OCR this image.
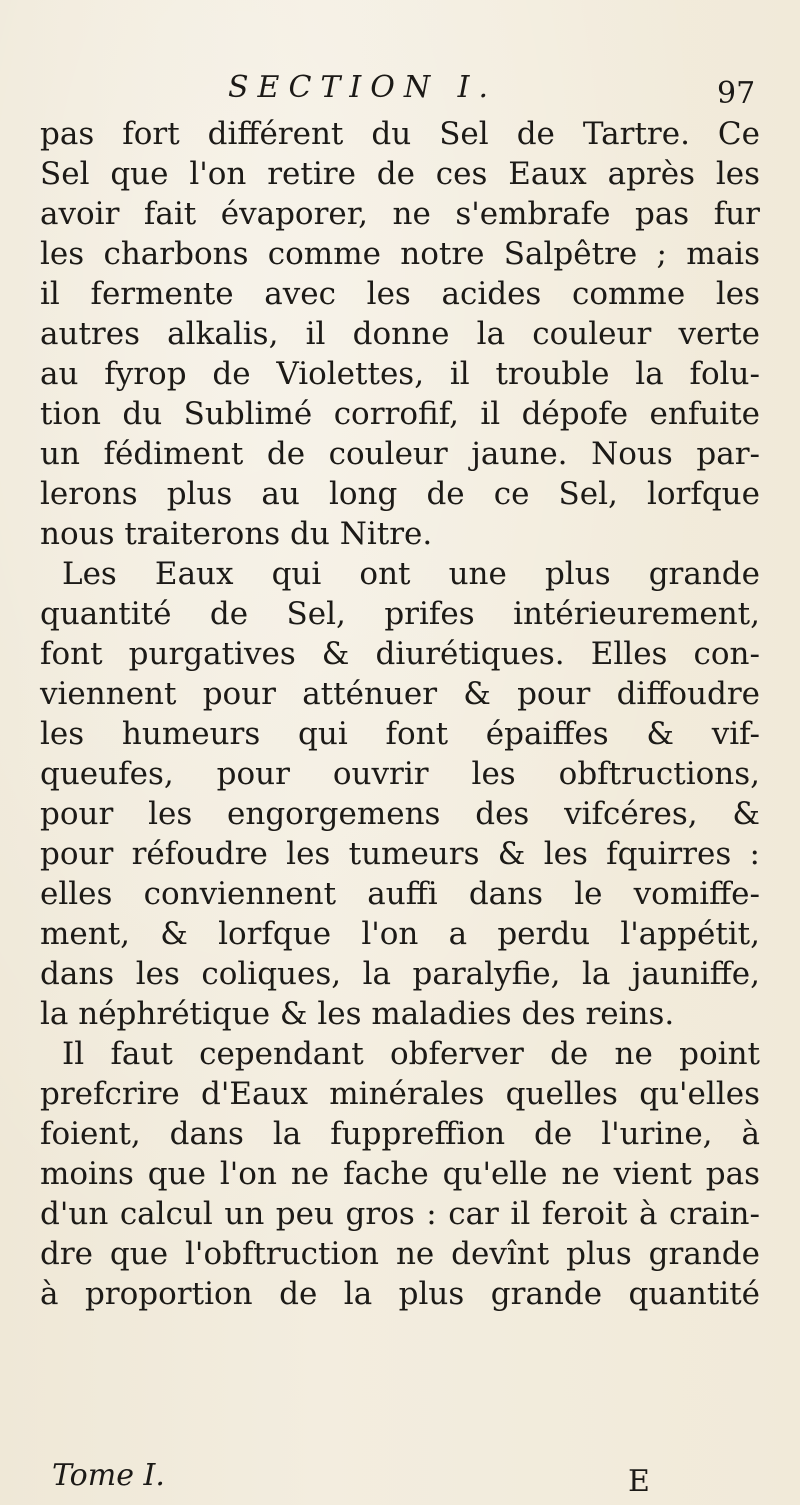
SECTION I.	97
pas fort différent du Sel de Tartre. Ce
Sel que l'on retire de ces Eaux après les
avoir fait évaporer, ne s'embrafe pas fur
les charbons comme notre Salpêtre ; mais
il fermente avec les acides comme les
autres alkalis, il donne la couleur verte
au fyrop de Violettes, il trouble la folu-
tion du Sublimé corrofif, il dépofe enfuite
un fédiment de couleur jaune. Nous par-
lerons plus au long de ce Sel, lorfque
nous traiterons du Nitre.
Les Eaux qui ont une plus grande
quantité de Sel, prifes intérieurement,
font purgatives & diurétiques. Elles con-
viennent pour atténuer & pour diffoudre
les humeurs qui font épaiffes & vif-
queufes, pour ouvrir les obftructions,
pour les engorgemens des vifcéres, &
pour réfoudre les tumeurs & les fquirres :
elles conviennent auffi dans le vomiffe-
ment, & lorfque l'on a perdu l'appétit,
dans les coliques, la paralyfie, la jauniffe,
la néphrétique & les maladies des reins.
Il faut cependant obferver de ne point
prefcrire d'Eaux minérales quelles qu'elles
foient, dans la fuppreffion de l'urine, à
moins que l'on ne fache qu'elle ne vient pas
d'un calcul un peu gros : car il feroit à crain-
dre que l'obftruction ne devînt plus grande
à proportion de la plus grande quantité
Tome I.	E
